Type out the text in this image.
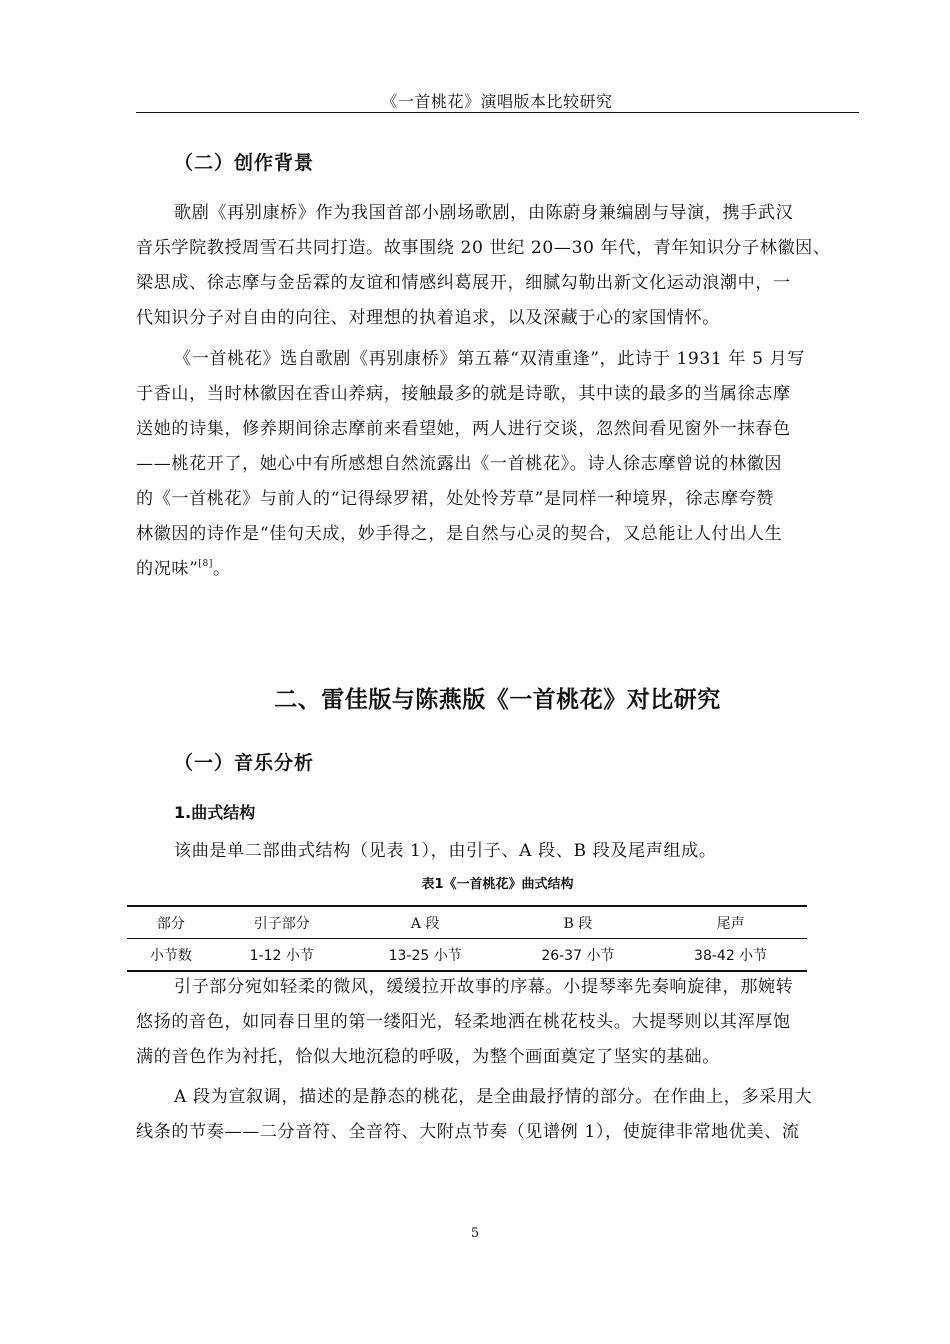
《一首桃花》演唱版本比较研究
（二）创作背景
歌剧《再别康桥》作为我国首部小剧场歌剧，由陈蔚身兼编剧与导演，携手武汉
音乐学院教授周雪石共同打造。故事围绕 20 世纪 20—30 年代，青年知识分子林徽因、
梁思成、徐志摩与金岳霖的友谊和情感纠葛展开，细腻勾勒出新文化运动浪潮中，一
代知识分子对自由的向往、对理想的执着追求，以及深藏于心的家国情怀。
《一首桃花》选自歌剧《再别康桥》第五幕“双清重逢”，此诗于 1931 年 5 月写
于香山，当时林徽因在香山养病，接触最多的就是诗歌，其中读的最多的当属徐志摩
送她的诗集，修养期间徐志摩前来看望她，两人进行交谈，忽然间看见窗外一抹春色
——桃花开了，她心中有所感想自然流露出《一首桃花》。诗人徐志摩曾说的林徽因
的《一首桃花》与前人的“记得绿罗裙，处处怜芳草”是同样一种境界，徐志摩夸赞
林徽因的诗作是“佳句天成，妙手得之，是自然与心灵的契合，又总能让人付出人生
的况味”[8]。
二、雷佳版与陈燕版《一首桃花》对比研究
（一）音乐分析
1.曲式结构
该曲是单二部曲式结构（见表 1），由引子、A 段、B 段及尾声组成。
表1《一首桃花》曲式结构
部分	引子部分	A 段	B 段	尾声
小节数	1-12 小节	13-25 小节	26-37 小节	38-42 小节
引子部分宛如轻柔的微风，缓缓拉开故事的序幕。小提琴率先奏响旋律，那婉转
悠扬的音色，如同春日里的第一缕阳光，轻柔地洒在桃花枝头。大提琴则以其浑厚饱
满的音色作为衬托，恰似大地沉稳的呼吸，为整个画面奠定了坚实的基础。
A 段为宣叙调，描述的是静态的桃花，是全曲最抒情的部分。在作曲上，多采用大
线条的节奏——二分音符、全音符、大附点节奏（见谱例 1），使旋律非常地优美、流
5
